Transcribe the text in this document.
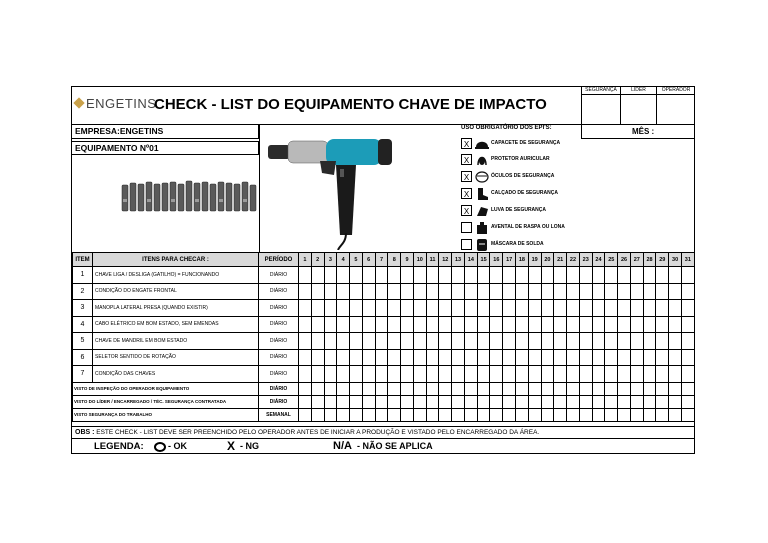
ENGETINS
CHECK - LIST DO EQUIPAMENTO CHAVE DE IMPACTO
SEGURANÇA	LIDER	OPERADOR
EMPRESA:ENGETINS
EQUIPAMENTO Nº01
USO OBRIGATÓRIO DOS EPI'S:
X	CAPACETE DE SEGURANÇA
X	PROTETOR AURICULAR
X	ÓCULOS DE SEGURANÇA
X	CALÇADO DE SEGURANÇA
X	LUVA DE SEGURANÇA
AVENTAL DE RASPA OU LONA
MÁSCARA DE SOLDA
MÊS :
ITEM	ITENS PARA CHECAR :	PERÍODO	1	2	3	4	5	6	7	8	9	10	11	12	13	14	15	16	17	18	19	20	21	22	23	24	25	26	27	28	29	30	31
1	CHAVE LIGA / DESLIGA (GATILHO) = FUNCIONANDO	DIÁRIO																															
2	CONDIÇÃO DO ENGATE FRONTAL	DIÁRIO																															
3	MANOPLA LATERAL PRESA (QUANDO EXISTIR)	DIÁRIO																															
4	CABO ELÉTRICO EM BOM ESTADO, SEM EMENDAS	DIÁRIO																															
5	CHAVE DE MANDRIL EM BOM ESTADO	DIÁRIO																															
6	SELETOR SENTIDO DE ROTAÇÃO	DIÁRIO																															
7	CONDIÇÃO DAS CHAVES	DIÁRIO																															
VISTO DE INSPEÇÃO DO OPERADOR EQUIPAMENTO		DIÁRIO																															
VISTO DO LÍDER / ENCARREGADO / TÉC. SEGURANÇA CONTRATADA		DIÁRIO																															
VISTO SEGURANÇA DO TRABALHO		SEMANAL																															
OBS : ESTE CHECK - LIST DEVE SER PREENCHIDO PELO OPERADOR ANTES DE INICIAR A PRODUÇÃO E VISTADO PELO ENCARREGADO DA ÁREA.
LEGENDA:	- OK	X - NG	N/A - NÃO SE APLICA
